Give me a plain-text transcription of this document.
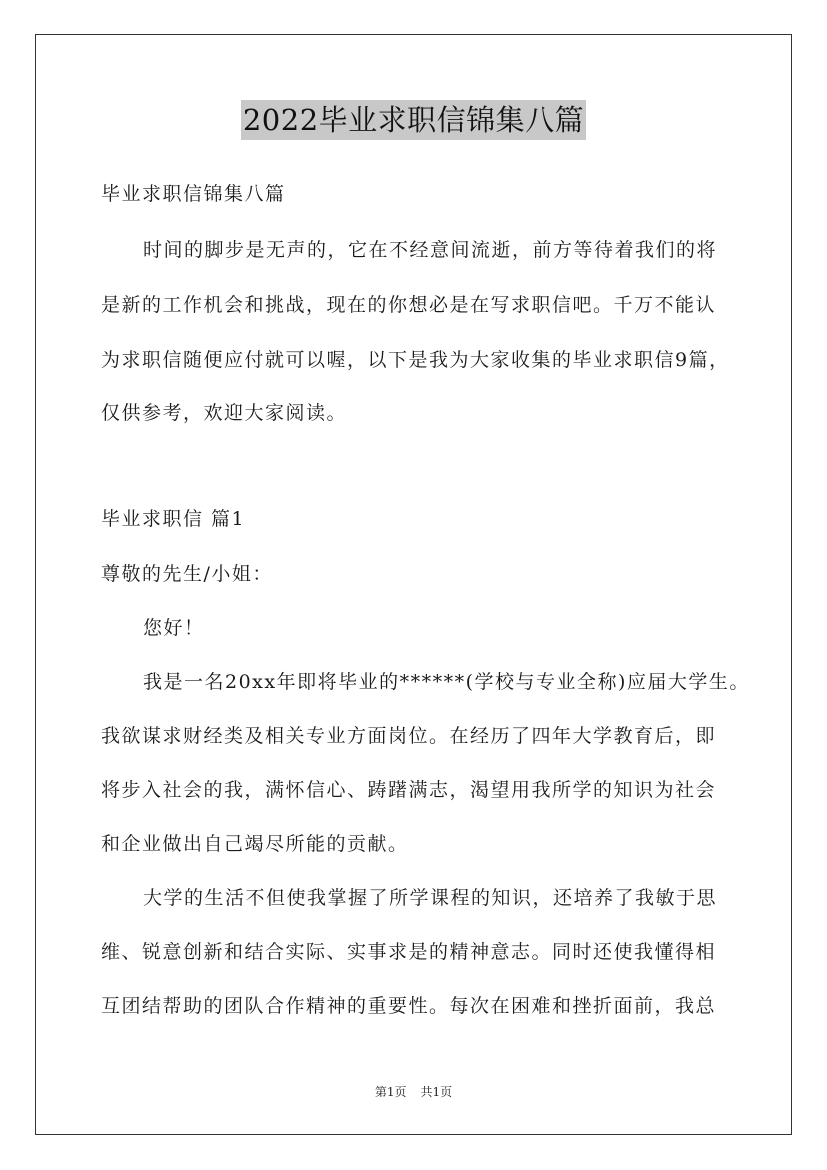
2022毕业求职信锦集八篇
毕业求职信锦集八篇
时间的脚步是无声的，它在不经意间流逝，前方等待着我们的将
是新的工作机会和挑战，现在的你想必是在写求职信吧。千万不能认
为求职信随便应付就可以喔，以下是我为大家收集的毕业求职信9篇，
仅供参考，欢迎大家阅读。
毕业求职信 篇1
尊敬的先生/小姐：
您好！
我是一名20xx年即将毕业的******(学校与专业全称)应届大学生。
我欲谋求财经类及相关专业方面岗位。在经历了四年大学教育后，即
将步入社会的我，满怀信心、踌躇满志，渴望用我所学的知识为社会
和企业做出自己竭尽所能的贡献。
大学的生活不但使我掌握了所学课程的知识，还培养了我敏于思
维、锐意创新和结合实际、实事求是的精神意志。同时还使我懂得相
互团结帮助的团队合作精神的重要性。每次在困难和挫折面前，我总
第1页 共1页
